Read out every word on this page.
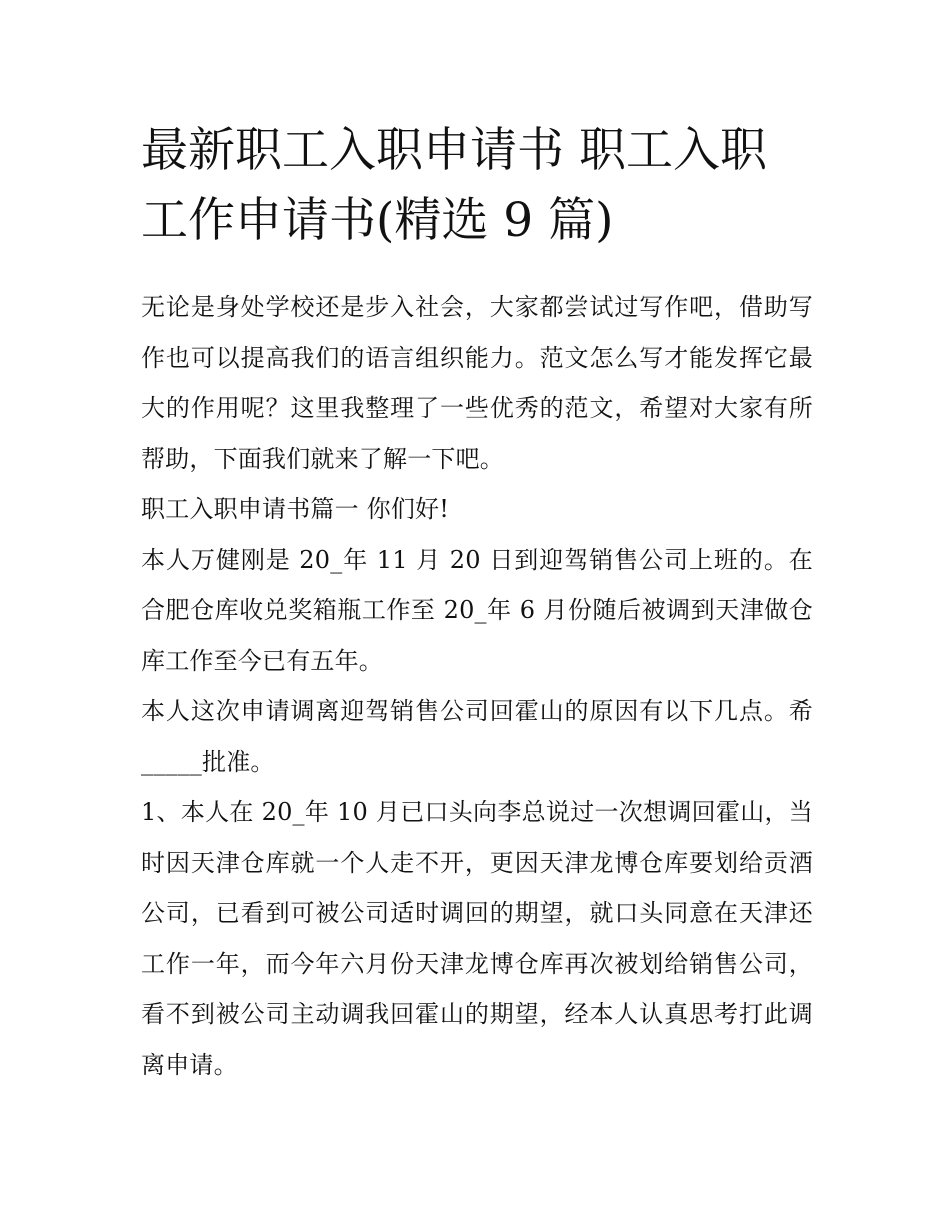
最新职工入职申请书 职工入职工作申请书(精选 9 篇)

无论是身处学校还是步入社会，大家都尝试过写作吧，借助写作也可以提高我们的语言组织能力。范文怎么写才能发挥它最大的作用呢？这里我整理了一些优秀的范文，希望对大家有所帮助，下面我们就来了解一下吧。

职工入职申请书篇一 你们好!

本人万健刚是 20_年 11 月 20 日到迎驾销售公司上班的。在合肥仓库收兑奖箱瓶工作至 20_年 6 月份随后被调到天津做仓库工作至今已有五年。

本人这次申请调离迎驾销售公司回霍山的原因有以下几点。希_____批准。

1、本人在 20_年 10 月已口头向李总说过一次想调回霍山，当时因天津仓库就一个人走不开，更因天津龙博仓库要划给贡酒公司，已看到可被公司适时调回的期望，就口头同意在天津还工作一年，而今年六月份天津龙博仓库再次被划给销售公司，看不到被公司主动调我回霍山的期望，经本人认真思考打此调离申请。
